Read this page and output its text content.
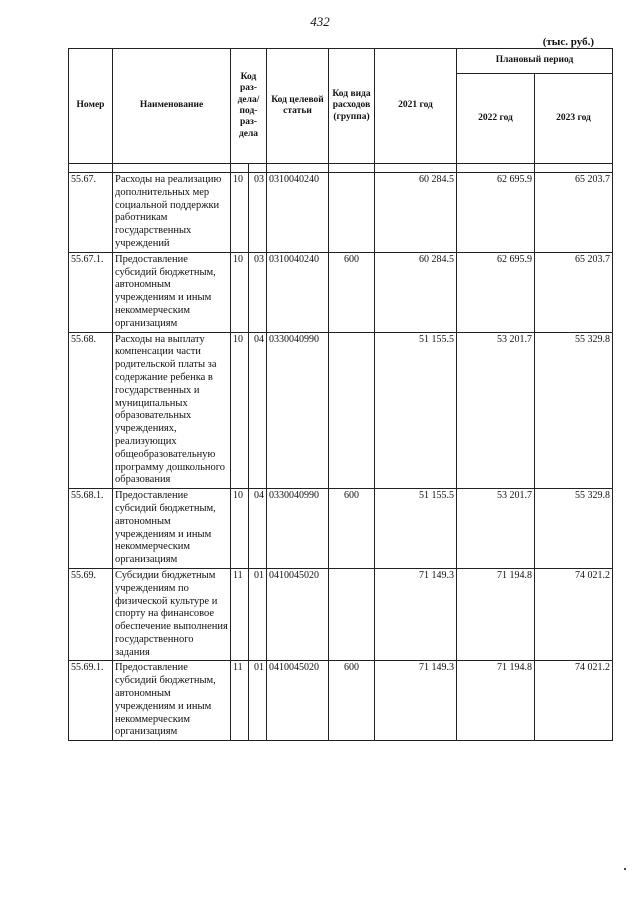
432
(тыс. руб.)
Номер	Наименование	Код раз-дела/ под-раз-дела		Код целевой статьи	Код вида расходов (группа)	2021 год	Плановый период	
							2022 год	2023 год

55.67.	Расходы на реализацию дополнительных мер социальной поддержки работникам государственных учреждений	10	03	0310040240		60 284.5	62 695.9	65 203.7
55.67.1.	Предоставление субсидий бюджетным, автономным учреждениям и иным некоммерческим организациям	10	03	0310040240	600	60 284.5	62 695.9	65 203.7
55.68.	Расходы на выплату компенсации части родительской платы за содержание ребенка в государственных и муниципальных образовательных учреждениях, реализующих общеобразовательную программу дошкольного образования	10	04	0330040990		51 155.5	53 201.7	55 329.8
55.68.1.	Предоставление субсидий бюджетным, автономным учреждениям и иным некоммерческим организациям	10	04	0330040990	600	51 155.5	53 201.7	55 329.8
55.69.	Субсидии бюджетным учреждениям по физической культуре и спорту на финансовое обеспечение выполнения государственного задания	11	01	0410045020		71 149.3	71 194.8	74 021.2
55.69.1.	Предоставление субсидий бюджетным, автономным учреждениям и иным некоммерческим организациям	11	01	0410045020	600	71 149.3	71 194.8	74 021.2
